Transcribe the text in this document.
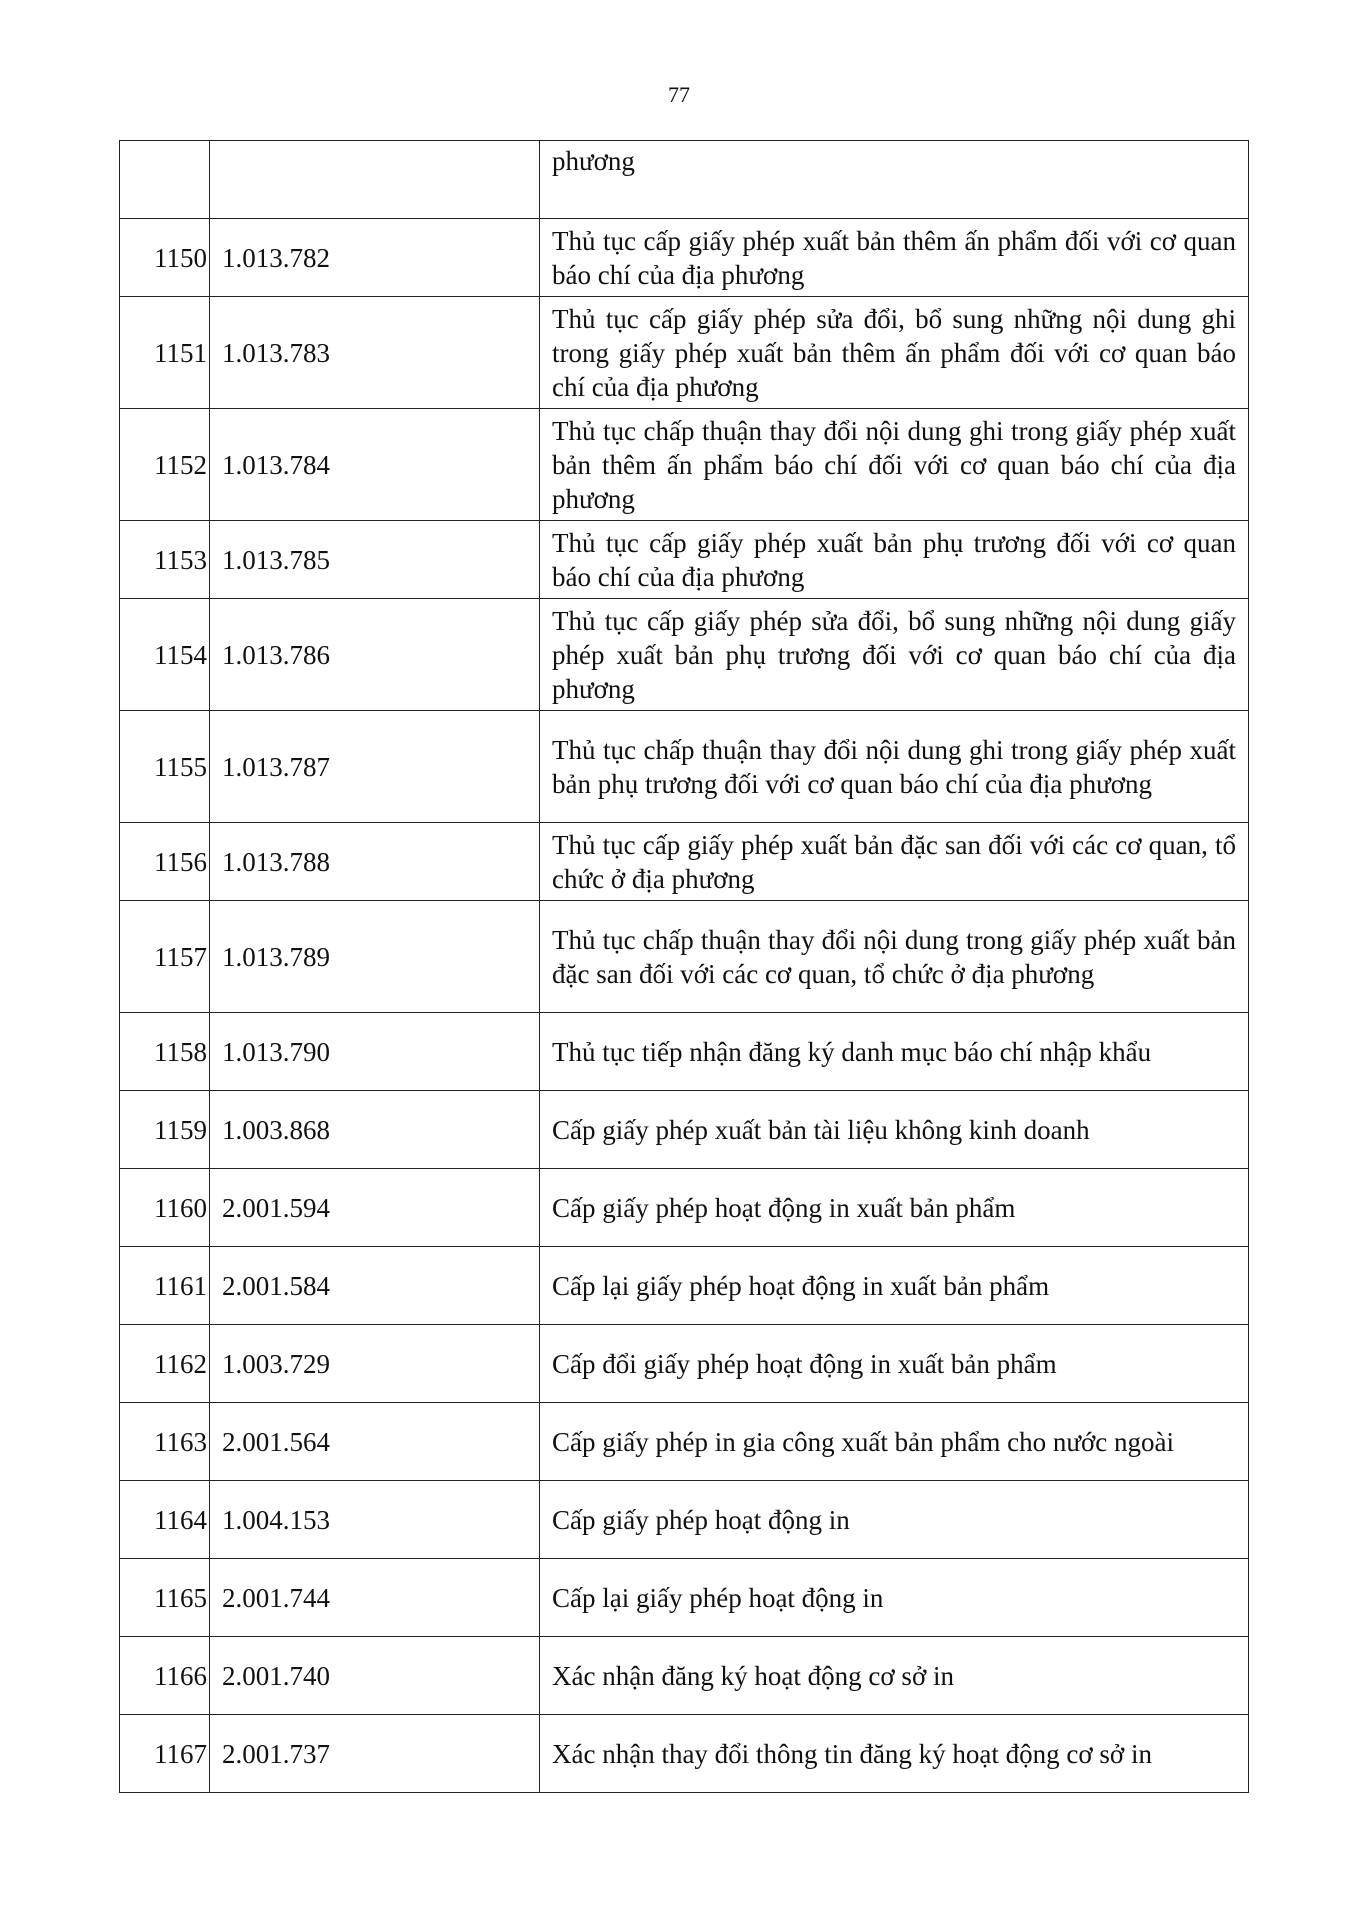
77
		phương
1150	1.013.782	Thủ tục cấp giấy phép xuất bản thêm ấn phẩm đối với cơ quan báo chí của địa phương
1151	1.013.783	Thủ tục cấp giấy phép sửa đổi, bổ sung những nội dung ghi trong giấy phép xuất bản thêm ấn phẩm đối với cơ quan báo chí của địa phương
1152	1.013.784	Thủ tục chấp thuận thay đổi nội dung ghi trong giấy phép xuất bản thêm ấn phẩm báo chí đối với cơ quan báo chí của địa phương
1153	1.013.785	Thủ tục cấp giấy phép xuất bản phụ trương đối với cơ quan báo chí của địa phương
1154	1.013.786	Thủ tục cấp giấy phép sửa đổi, bổ sung những nội dung giấy phép xuất bản phụ trương đối với cơ quan báo chí của địa phương
1155	1.013.787	Thủ tục chấp thuận thay đổi nội dung ghi trong giấy phép xuất bản phụ trương đối với cơ quan báo chí của địa phương
1156	1.013.788	Thủ tục cấp giấy phép xuất bản đặc san đối với các cơ quan, tổ chức ở địa phương
1157	1.013.789	Thủ tục chấp thuận thay đổi nội dung trong giấy phép xuất bản đặc san đối với các cơ quan, tổ chức ở địa phương
1158	1.013.790	Thủ tục tiếp nhận đăng ký danh mục báo chí nhập khẩu
1159	1.003.868	Cấp giấy phép xuất bản tài liệu không kinh doanh
1160	2.001.594	Cấp giấy phép hoạt động in xuất bản phẩm
1161	2.001.584	Cấp lại giấy phép hoạt động in xuất bản phẩm
1162	1.003.729	Cấp đổi giấy phép hoạt động in xuất bản phẩm
1163	2.001.564	Cấp giấy phép in gia công xuất bản phẩm cho nước ngoài
1164	1.004.153	Cấp giấy phép hoạt động in
1165	2.001.744	Cấp lại giấy phép hoạt động in
1166	2.001.740	Xác nhận đăng ký hoạt động cơ sở in
1167	2.001.737	Xác nhận thay đổi thông tin đăng ký hoạt động cơ sở in
